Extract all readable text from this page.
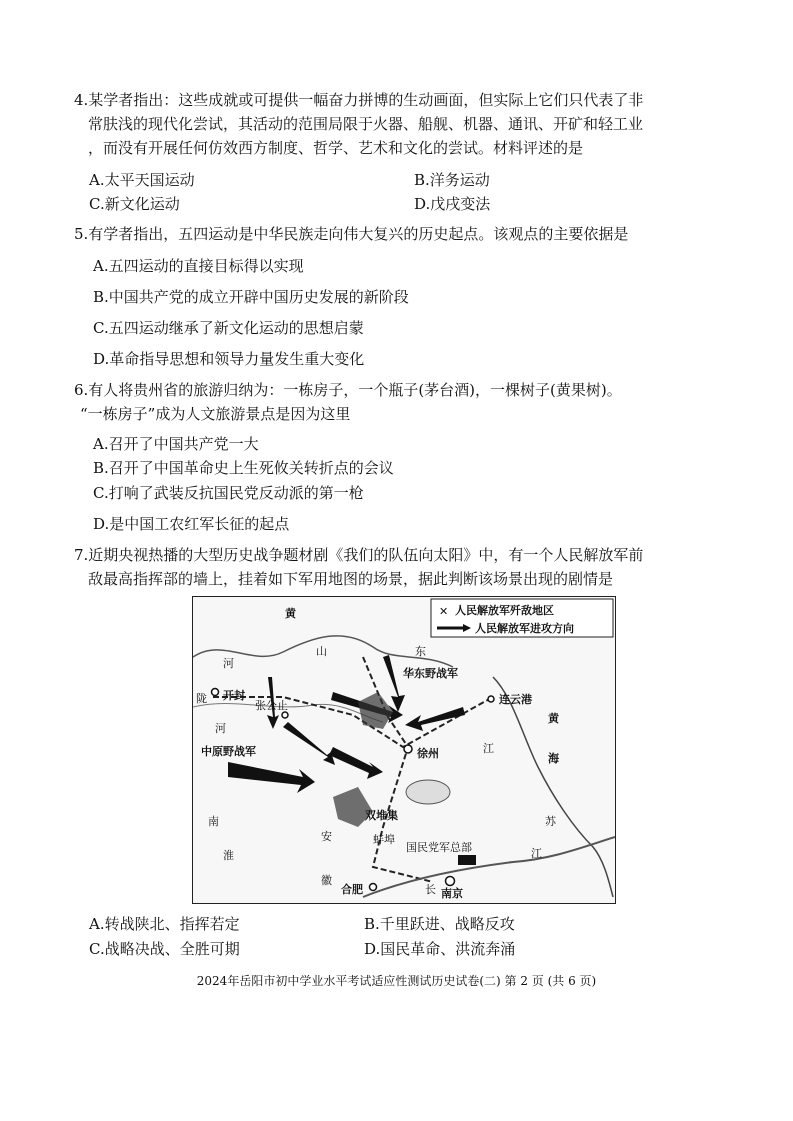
4.某学者指出：这些成就或可提供一幅奋力拼博的生动画面，但实际上它们只代表了非
常肤浅的现代化尝试，其活动的范围局限于火器、船舰、机器、通讯、开矿和轻工业
，而没有开展任何仿效西方制度、哲学、艺术和文化的尝试。材料评述的是
A.太平天国运动	B.洋务运动
C.新文化运动	D.戊戌变法
5.有学者指出，五四运动是中华民族走向伟大复兴的历史起点。该观点的主要依据是
A.五四运动的直接目标得以实现
B.中国共产党的成立开辟中国历史发展的新阶段
C.五四运动继承了新文化运动的思想启蒙
D.革命指导思想和领导力量发生重大变化
6.有人将贵州省的旅游归纳为：一栋房子，一个瓶子(茅台酒)，一棵树子(黄果树)。
“一栋房子”成为人文旅游景点是因为这里
A.召开了中国共产党一大
B.召开了中国革命史上生死攸关转折点的会议
C.打响了武装反抗国民党反动派的第一枪
D.是中国工农红军长征的起点
7.近期央视热播的大型历史战争题材剧《我们的队伍向太阳》中，有一个人民解放军前
敌最高指挥部的墙上，挂着如下军用地图的场景，据此判断该场景出现的剧情是
✕ 人民解放军歼敌地区
人民解放军进攻方向
黄
山	东
河
开封
陇
张公止
华东野战军
连云港
黄
海
河
中原野战军	徐州	江
双堆集
安	蚌埠
南	苏
淮
徽
合肥	长 南京
江
国民党军总部
A.转战陕北、指挥若定	B.千里跃进、战略反攻
C.战略决战、全胜可期	D.国民革命、洪流奔涌
2024年岳阳市初中学业水平考试适应性测试历史试卷(二) 第 2 页 (共 6 页)
